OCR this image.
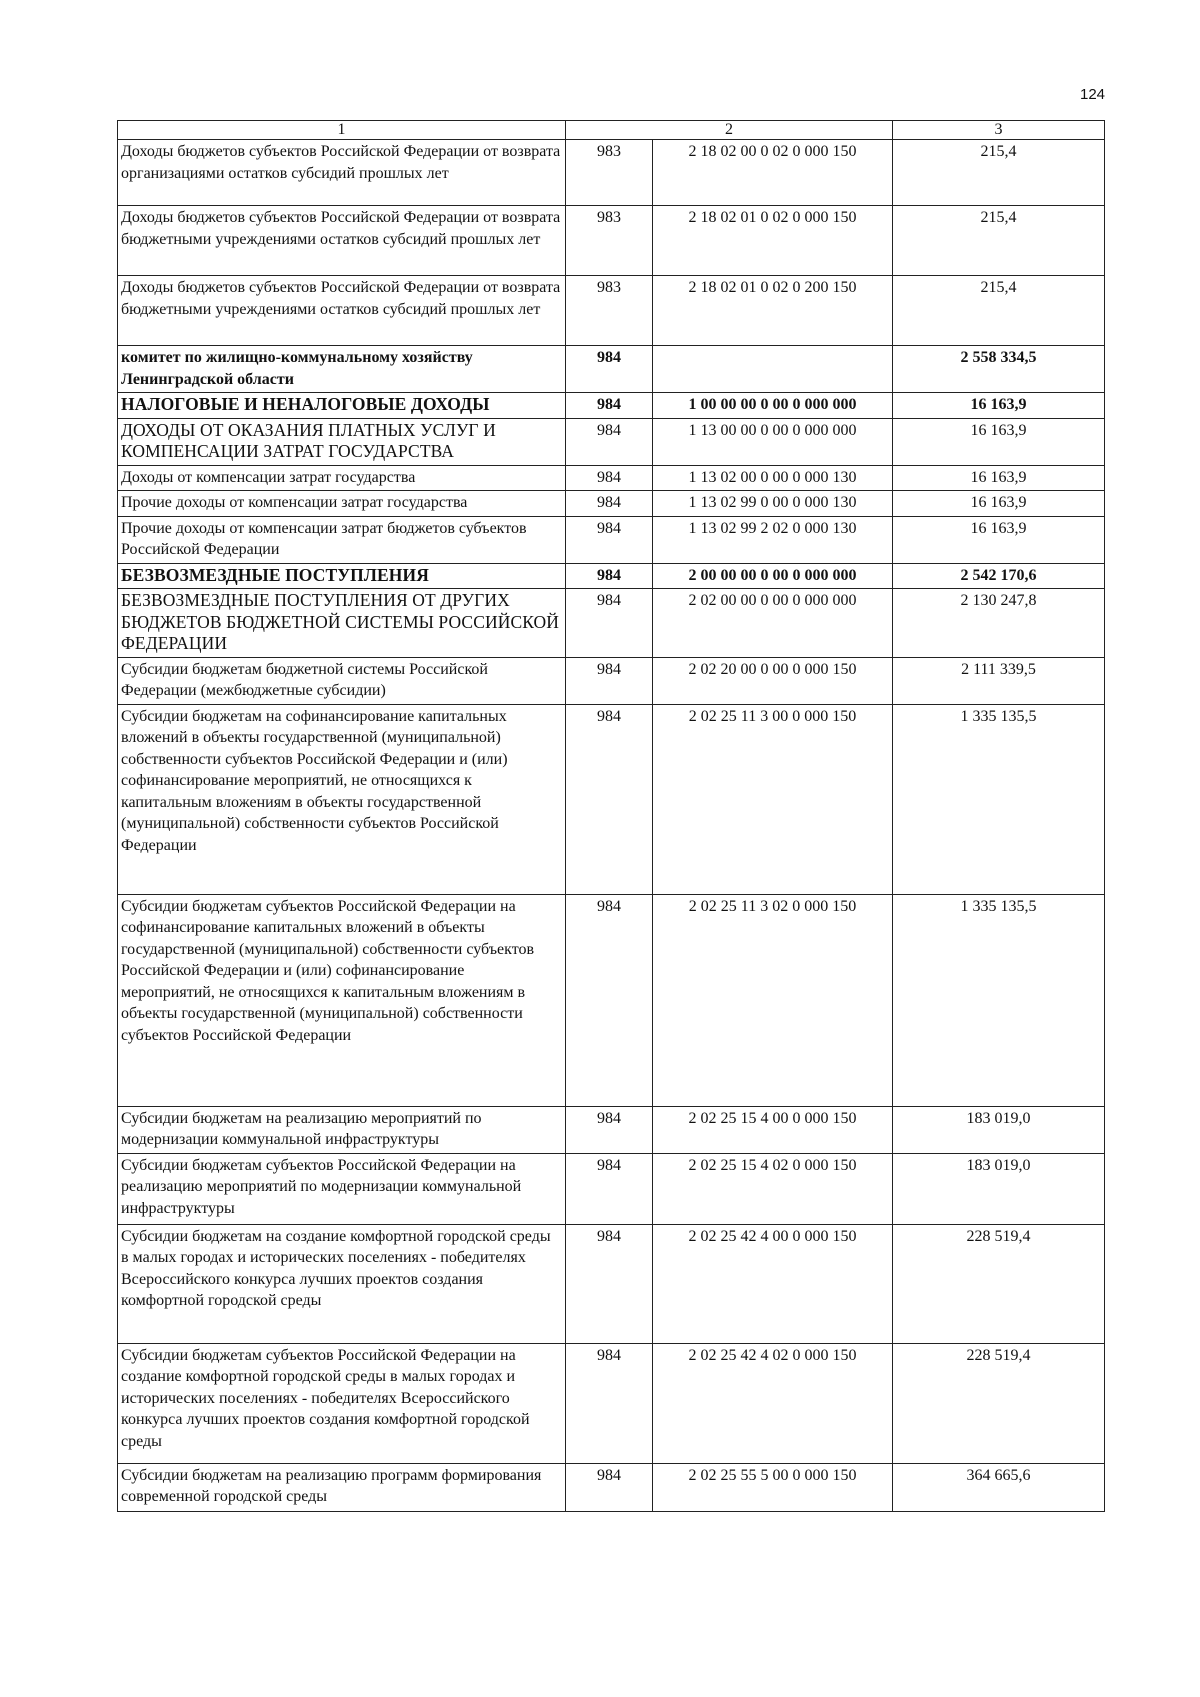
124
1	2		3
Доходы бюджетов субъектов Российской Федерации от возврата организациями остатков субсидий прошлых лет	983	2 18 02 00 0 02 0 000 150	215,4
Доходы бюджетов субъектов Российской Федерации от возврата бюджетными учреждениями остатков субсидий прошлых лет	983	2 18 02 01 0 02 0 000 150	215,4
Доходы бюджетов субъектов Российской Федерации от возврата бюджетными учреждениями остатков субсидий прошлых лет	983	2 18 02 01 0 02 0 200 150	215,4
комитет по жилищно-коммунальному хозяйству Ленинградской области	984		2 558 334,5
НАЛОГОВЫЕ И НЕНАЛОГОВЫЕ ДОХОДЫ	984	1 00 00 00 0 00 0 000 000	16 163,9
ДОХОДЫ ОТ ОКАЗАНИЯ ПЛАТНЫХ УСЛУГ И КОМПЕНСАЦИИ ЗАТРАТ ГОСУДАРСТВА	984	1 13 00 00 0 00 0 000 000	16 163,9
Доходы от компенсации затрат государства	984	1 13 02 00 0 00 0 000 130	16 163,9
Прочие доходы от компенсации затрат государства	984	1 13 02 99 0 00 0 000 130	16 163,9
Прочие доходы от компенсации затрат бюджетов субъектов Российской Федерации	984	1 13 02 99 2 02 0 000 130	16 163,9
БЕЗВОЗМЕЗДНЫЕ ПОСТУПЛЕНИЯ	984	2 00 00 00 0 00 0 000 000	2 542 170,6
БЕЗВОЗМЕЗДНЫЕ ПОСТУПЛЕНИЯ ОТ ДРУГИХ БЮДЖЕТОВ БЮДЖЕТНОЙ СИСТЕМЫ РОССИЙСКОЙ ФЕДЕРАЦИИ	984	2 02 00 00 0 00 0 000 000	2 130 247,8
Субсидии бюджетам бюджетной системы Российской Федерации (межбюджетные субсидии)	984	2 02 20 00 0 00 0 000 150	2 111 339,5
Субсидии бюджетам на софинансирование капитальных вложений в объекты государственной (муниципальной) собственности субъектов Российской Федерации и (или) софинансирование мероприятий, не относящихся к капитальным вложениям в объекты государственной (муниципальной) собственности субъектов Российской Федерации	984	2 02 25 11 3 00 0 000 150	1 335 135,5
Субсидии бюджетам субъектов Российской Федерации на софинансирование капитальных вложений в объекты государственной (муниципальной) собственности субъектов Российской Федерации и (или) софинансирование мероприятий, не относящихся к капитальным вложениям в объекты государственной (муниципальной) собственности субъектов Российской Федерации	984	2 02 25 11 3 02 0 000 150	1 335 135,5
Субсидии бюджетам на реализацию мероприятий по модернизации коммунальной инфраструктуры	984	2 02 25 15 4 00 0 000 150	183 019,0
Субсидии бюджетам субъектов Российской Федерации на реализацию мероприятий по модернизации коммунальной инфраструктуры	984	2 02 25 15 4 02 0 000 150	183 019,0
Субсидии бюджетам на создание комфортной городской среды в малых городах и исторических поселениях - победителях Всероссийского конкурса лучших проектов создания комфортной городской среды	984	2 02 25 42 4 00 0 000 150	228 519,4
Субсидии бюджетам субъектов Российской Федерации на создание комфортной городской среды в малых городах и исторических поселениях - победителях Всероссийского конкурса лучших проектов создания комфортной городской среды	984	2 02 25 42 4 02 0 000 150	228 519,4
Субсидии бюджетам на реализацию программ формирования современной городской среды	984	2 02 25 55 5 00 0 000 150	364 665,6
